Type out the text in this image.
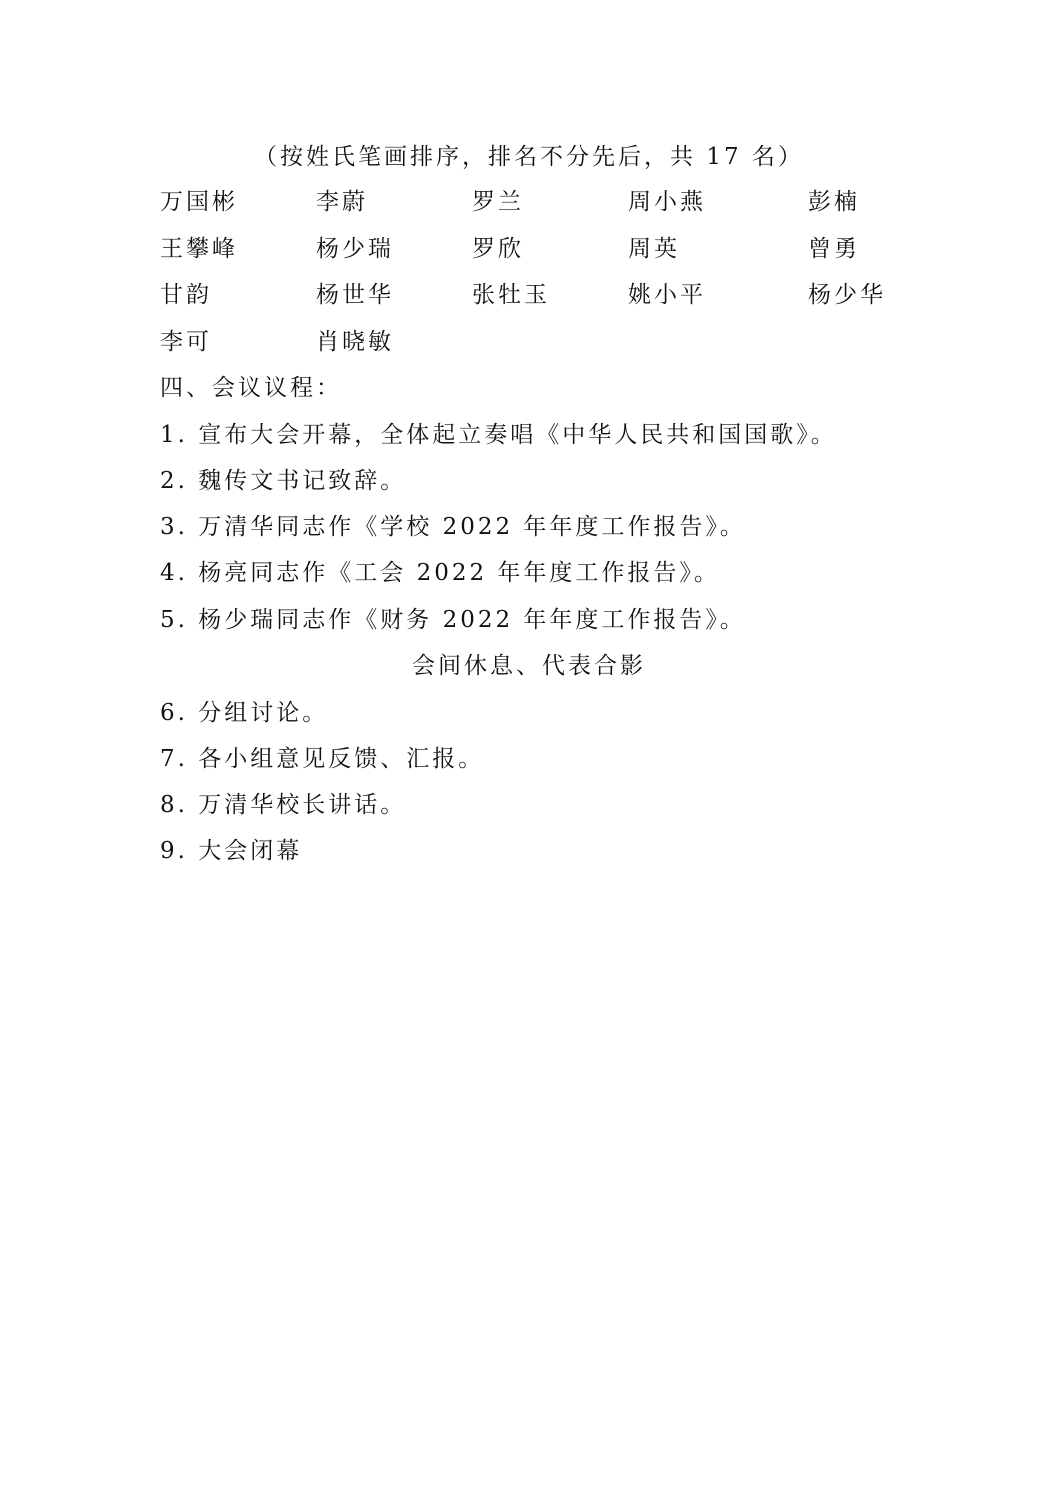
（按姓氏笔画排序，排名不分先后，共 17 名）
万国彬	李蔚	罗兰	周小燕	彭楠
王攀峰	杨少瑞	罗欣	周英	曾勇
甘韵	杨世华	张牡玉	姚小平	杨少华
李可	肖晓敏
四、会议议程：
1. 宣布大会开幕，全体起立奏唱《中华人民共和国国歌》。
2. 魏传文书记致辞。
3. 万清华同志作《学校 2022 年年度工作报告》。
4. 杨亮同志作《工会 2022 年年度工作报告》。
5. 杨少瑞同志作《财务 2022 年年度工作报告》。
会间休息、代表合影
6. 分组讨论。
7. 各小组意见反馈、汇报。
8. 万清华校长讲话。
9. 大会闭幕
